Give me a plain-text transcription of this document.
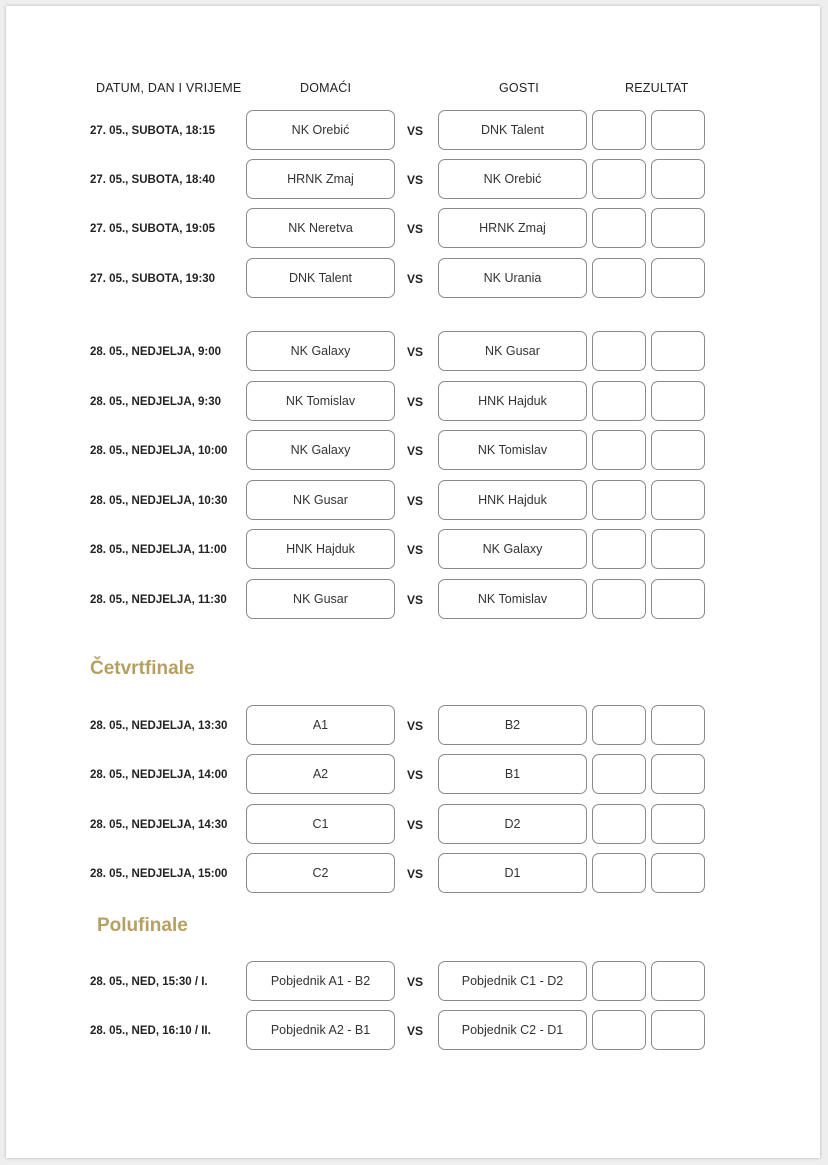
DATUM, DAN I VRIJEME	DOMAĆI	GOSTI	REZULTAT
27. 05., SUBOTA, 18:15	NK Orebić	VS	DNK Talent
27. 05., SUBOTA, 18:40	HRNK Zmaj	VS	NK Orebić
27. 05., SUBOTA, 19:05	NK Neretva	VS	HRNK Zmaj
27. 05., SUBOTA, 19:30	DNK Talent	VS	NK Urania
28. 05., NEDJELJA, 9:00	NK Galaxy	VS	NK Gusar
28. 05., NEDJELJA, 9:30	NK Tomislav	VS	HNK Hajduk
28. 05., NEDJELJA, 10:00	NK Galaxy	VS	NK Tomislav
28. 05., NEDJELJA, 10:30	NK Gusar	VS	HNK Hajduk
28. 05., NEDJELJA, 11:00	HNK Hajduk	VS	NK Galaxy
28. 05., NEDJELJA, 11:30	NK Gusar	VS	NK Tomislav
Četvrtfinale
28. 05., NEDJELJA, 13:30	A1	VS	B2
28. 05., NEDJELJA, 14:00	A2	VS	B1
28. 05., NEDJELJA, 14:30	C1	VS	D2
28. 05., NEDJELJA, 15:00	C2	VS	D1
Polufinale
28. 05., NED, 15:30 / I.	Pobjednik A1 - B2	VS	Pobjednik C1 - D2
28. 05., NED, 16:10 / II.	Pobjednik A2 - B1	VS	Pobjednik C2 - D1
